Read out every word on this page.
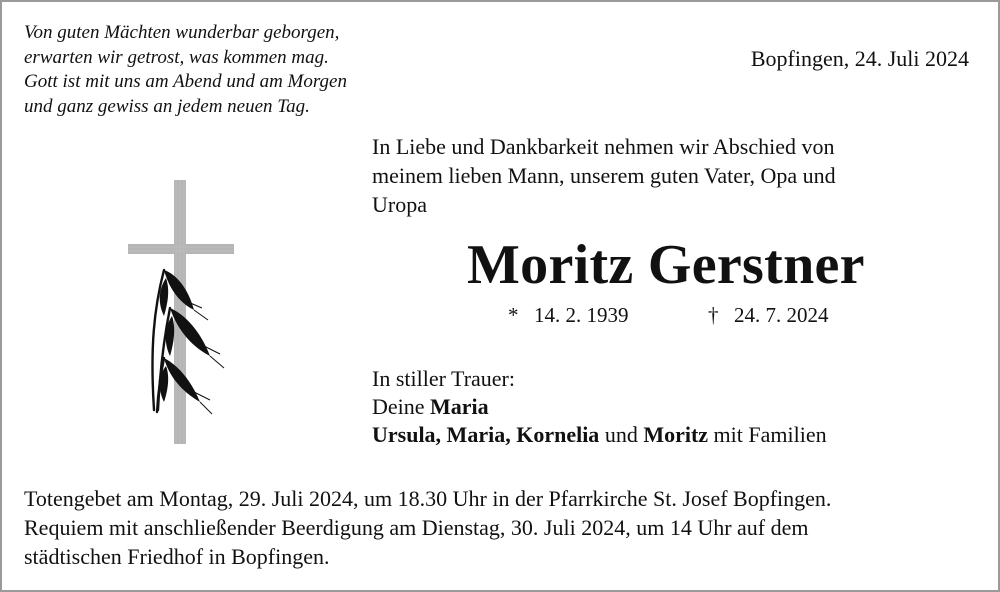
Von guten Mächten wunderbar geborgen,
erwarten wir getrost, was kommen mag.
Gott ist mit uns am Abend und am Morgen
und ganz gewiss an jedem neuen Tag.
Bopfingen, 24. Juli 2024
In Liebe und Dankbarkeit nehmen wir Abschied von
meinem lieben Mann, unserem guten Vater, Opa und
Uropa
Moritz Gerstner
* 14. 2. 1939	† 24. 7. 2024
In stiller Trauer:
Deine Maria
Ursula, Maria, Kornelia und Moritz mit Familien
Totengebet am Montag, 29. Juli 2024, um 18.30 Uhr in der Pfarrkirche St. Josef Bopfingen.
Requiem mit anschließender Beerdigung am Dienstag, 30. Juli 2024, um 14 Uhr auf dem
städtischen Friedhof in Bopfingen.
